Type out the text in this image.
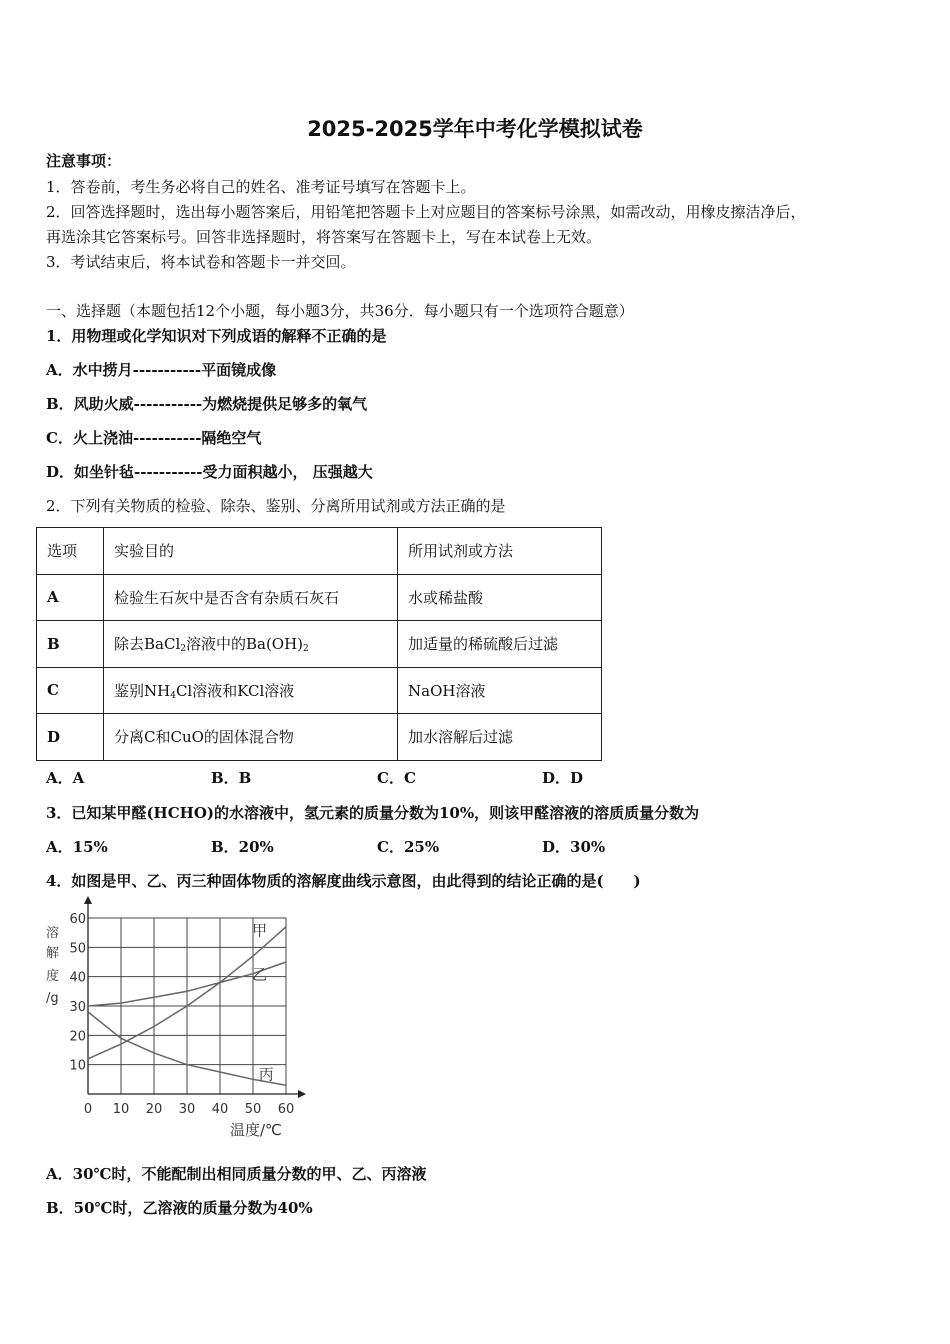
2025-2025学年中考化学模拟试卷
注意事项：
1．答卷前，考生务必将自己的姓名、准考证号填写在答题卡上。
2．回答选择题时，选出每小题答案后，用铅笔把答题卡上对应题目的答案标号涂黑，如需改动，用橡皮擦洁净后，
再选涂其它答案标号。回答非选择题时，将答案写在答题卡上，写在本试卷上无效。
3．考试结束后，将本试卷和答题卡一并交回。
一、选择题（本题包括12个小题，每小题3分，共36分．每小题只有一个选项符合题意）
1．用物理或化学知识对下列成语的解释不正确的是
A．水中捞月-----------平面镜成像
B．风助火威-----------为燃烧提供足够多的氧气
C．火上浇油-----------隔绝空气
D．如坐针毡-----------受力面积越小， 压强越大
2．下列有关物质的检验、除杂、鉴别、分离所用试剂或方法正确的是
选项	实验目的	所用试剂或方法
A	检验生石灰中是否含有杂质石灰石	水或稀盐酸
B	除去BaCl$_2$溶液中的$Ba(OH)_2$	加适量的稀硫酸后过滤
C	鉴别$NH_4Cl$溶液和KCl溶液	NaOH溶液
D	分离C和CuO的固体混合物	加水溶解后过滤
A．A	B．B	C．C	D．D
3．已知某甲醛(HCHO)的水溶液中，氢元素的质量分数为10%，则该甲醛溶液的溶质质量分数为
A．15%	B．20%	C．25%	D．30%
4．如图是甲、乙、丙三种固体物质的溶解度曲线示意图，由此得到的结论正确的是(　　)
0 10 20 30 40 50 60
10
20
30
40
50
60
甲
乙
丙
溶
解
度
/g
温度/℃
A．30℃时，不能配制出相同质量分数的甲、乙、丙溶液
B．50℃时，乙溶液的质量分数为40%
